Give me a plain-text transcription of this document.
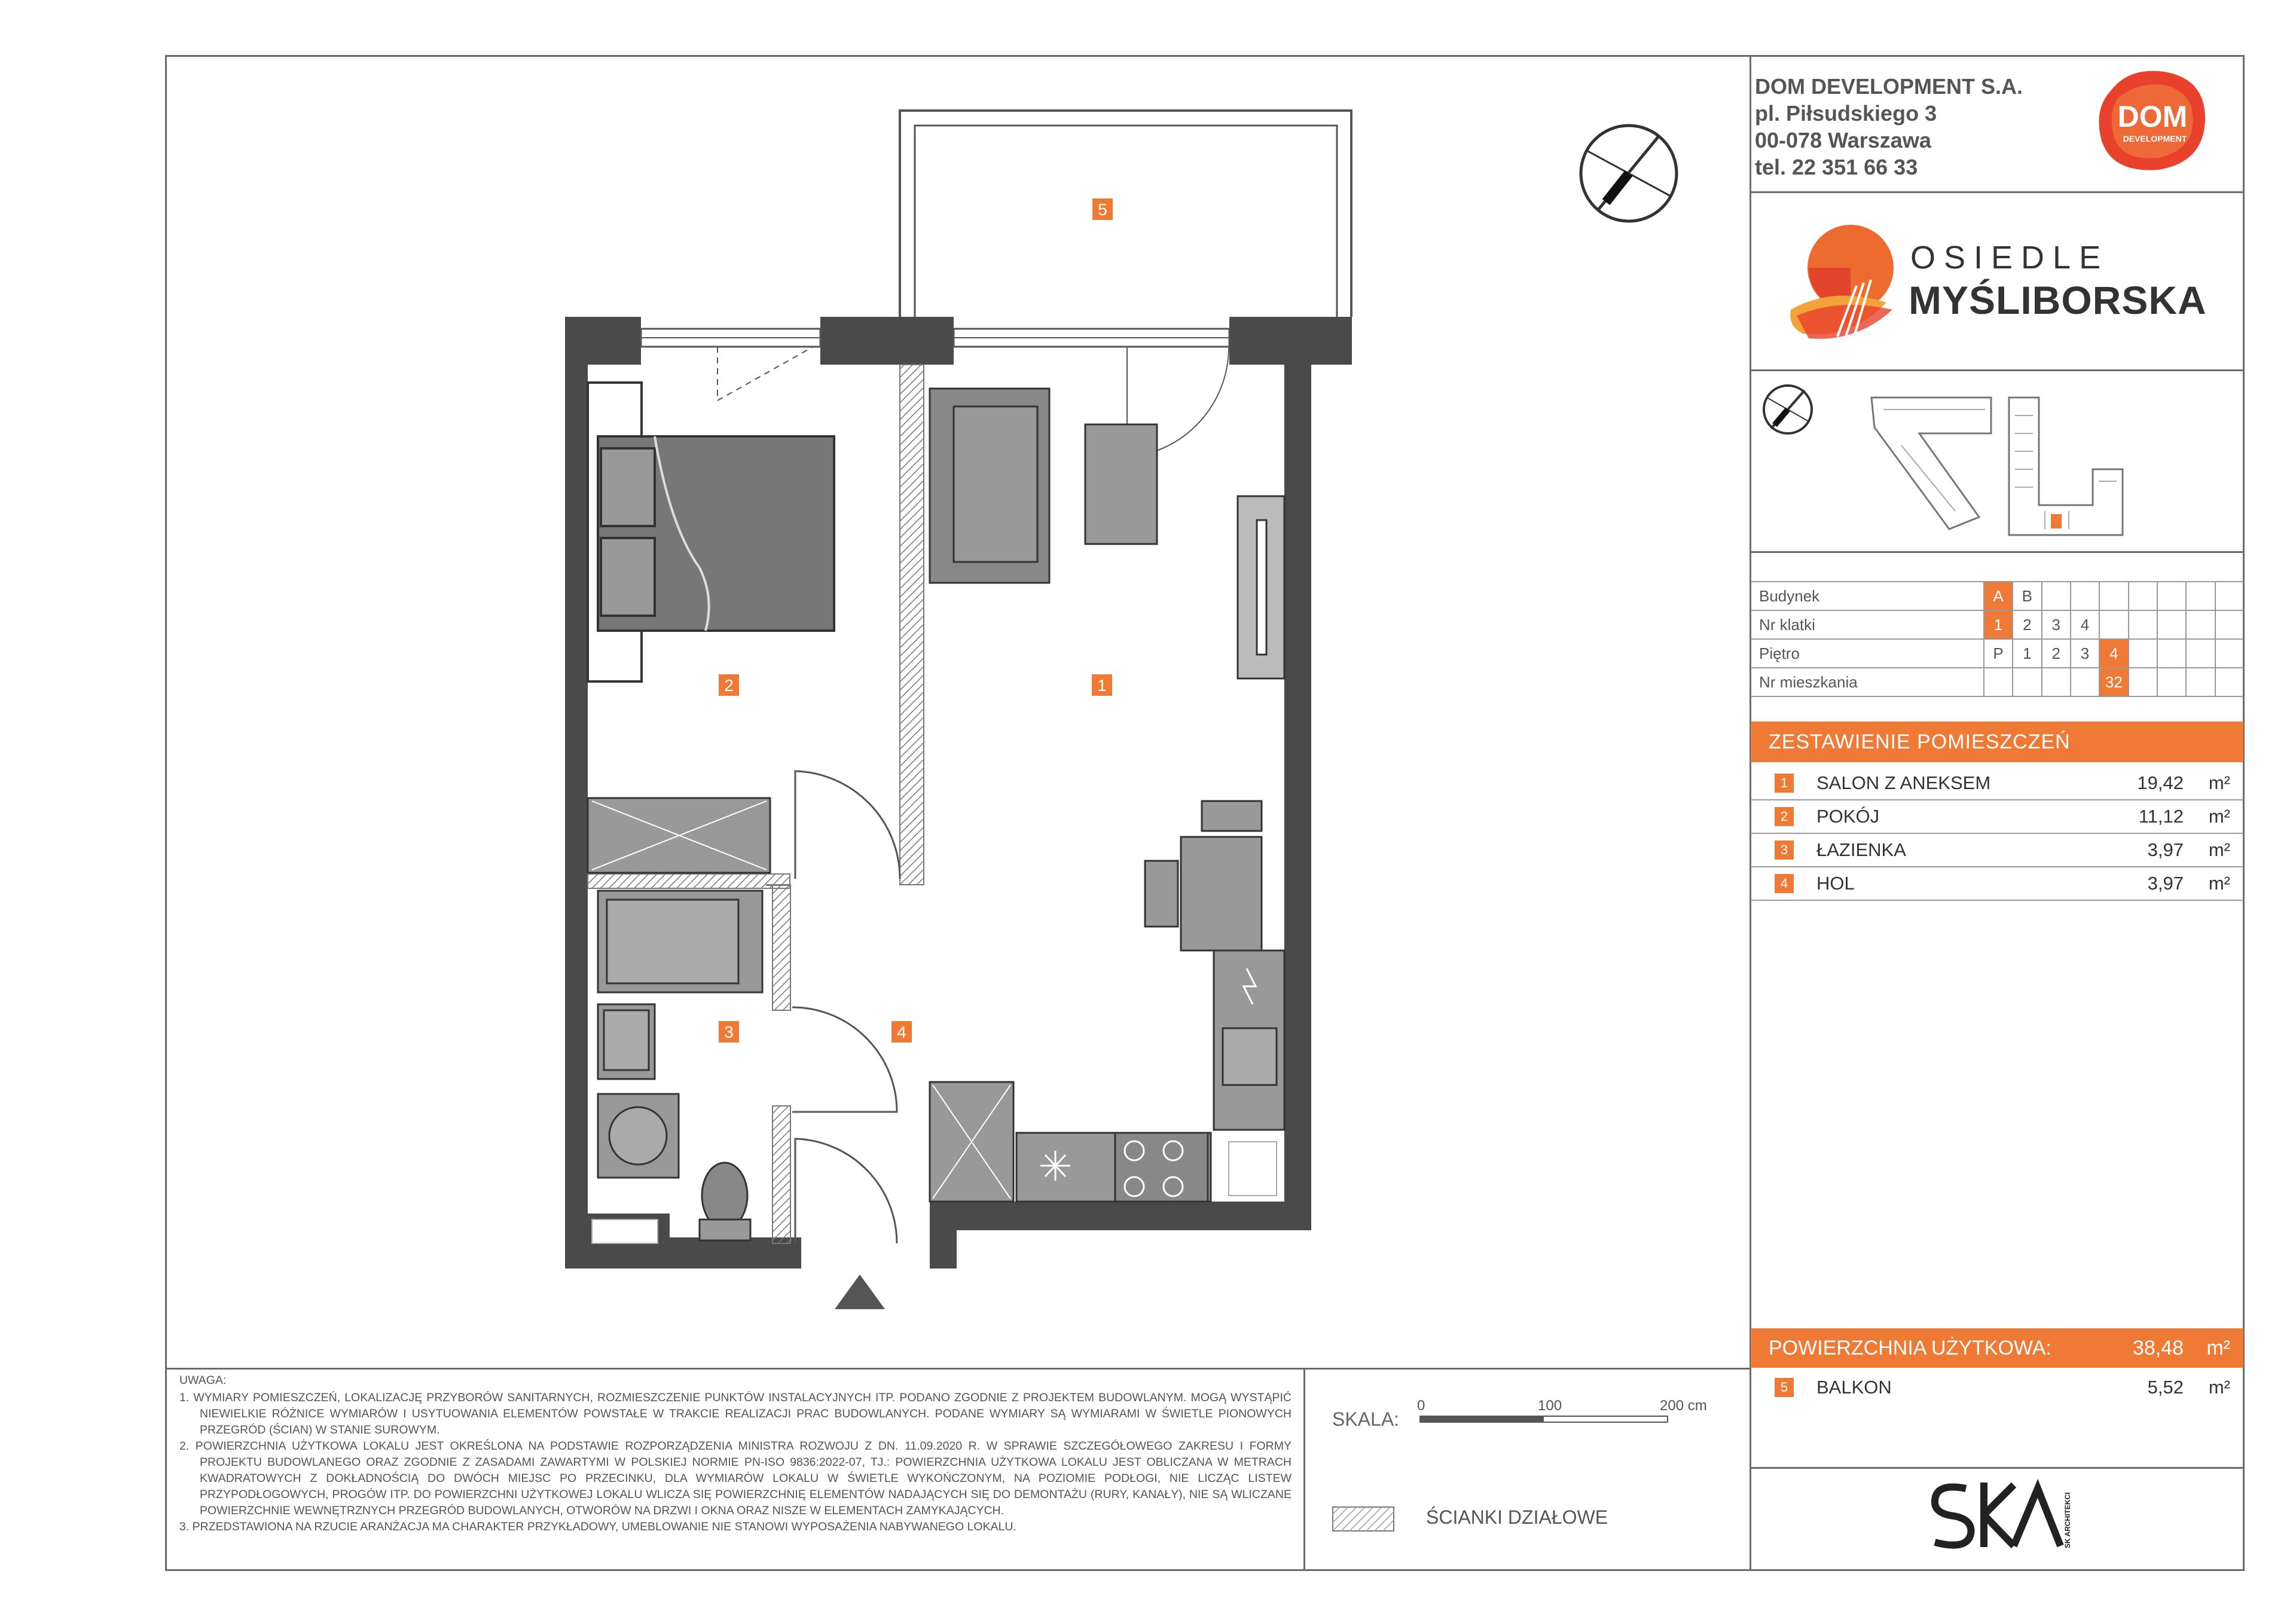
DOM DEVELOPMENT S.A.
pl. Piłsudskiego 3
00-078 Warszawa
tel. 22 351 66 33
DOM
DEVELOPMENT
OSIEDLE
MYŚLIBORSKA
Budynek	A	B							
Nr klatki	1	2	3	4					
Piętro	P	1	2	3	4				
Nr mieszkania					32				
ZESTAWIENIE POMIESZCZEŃ
1	SALON Z ANEKSEM	19,42 m²
2	POKÓJ	11,12 m²
3	ŁAZIENKA	3,97 m²
4	HOL	3,97 m²
POWIERZCHNIA UŻYTKOWA:	38,48 m²
5	BALKON	5,52 m²
SK ARCHITEKCI
UWAGA:
1. WYMIARY POMIESZCZEŃ, LOKALIZACJĘ PRZYBORÓW SANITARNYCH, ROZMIESZCZENIE PUNKTÓW INSTALACYJNYCH ITP. PODANO ZGODNIE Z PROJEKTEM BUDOWLANYM. MOGĄ WYSTĄPIĆ NIEWIELKIE RÓŻNICE WYMIARÓW I USYTUOWANIA ELEMENTÓW POWSTAŁE W TRAKCIE REALIZACJI PRAC BUDOWLANYCH. PODANE WYMIARY SĄ WYMIARAMI W ŚWIETLE PIONOWYCH PRZEGRÓD (ŚCIAN) W STANIE SUROWYM.
2. POWIERZCHNIA UŻYTKOWA LOKALU JEST OKREŚLONA NA PODSTAWIE ROZPORZĄDZENIA MINISTRA ROZWOJU Z DN. 11.09.2020 R. W SPRAWIE SZCZEGÓŁOWEGO ZAKRESU I FORMY PROJEKTU BUDOWLANEGO ORAZ ZGODNIE Z ZASADAMI ZAWARTYMI W POLSKIEJ NORMIE PN-ISO 9836:2022-07, TJ.: POWIERZCHNIA UŻYTKOWA LOKALU JEST OBLICZANA W METRACH KWADRATOWYCH Z DOKŁADNOŚCIĄ DO DWÓCH MIEJSC PO PRZECINKU, DLA WYMIARÓW LOKALU W ŚWIETLE WYKOŃCZONYM, NA POZIOMIE PODŁOGI, NIE LICZĄC LISTEW PRZYPODŁOGOWYCH, PROGÓW ITP. DO POWIERZCHNI UŻYTKOWEJ LOKALU WLICZA SIĘ POWIERZCHNIĘ ELEMENTÓW NADAJĄCYCH SIĘ DO DEMONTAŻU (RURY, KANAŁY), NIE SĄ WLICZANE POWIERZCHNIE WEWNĘTRZNYCH PRZEGRÓD BUDOWLANYCH, OTWORÓW NA DRZWI I OKNA ORAZ NISZE W ELEMENTACH ZAMYKAJĄCYCH.
3. PRZEDSTAWIONA NA RZUCIE ARANŻACJA MA CHARAKTER PRZYKŁADOWY, UMEBLOWANIE NIE STANOWI WYPOSAŻENIA NABYWANEGO LOKALU.
SKALA:
0	100	200 cm
ŚCIANKI DZIAŁOWE
1
2
3	4
5
